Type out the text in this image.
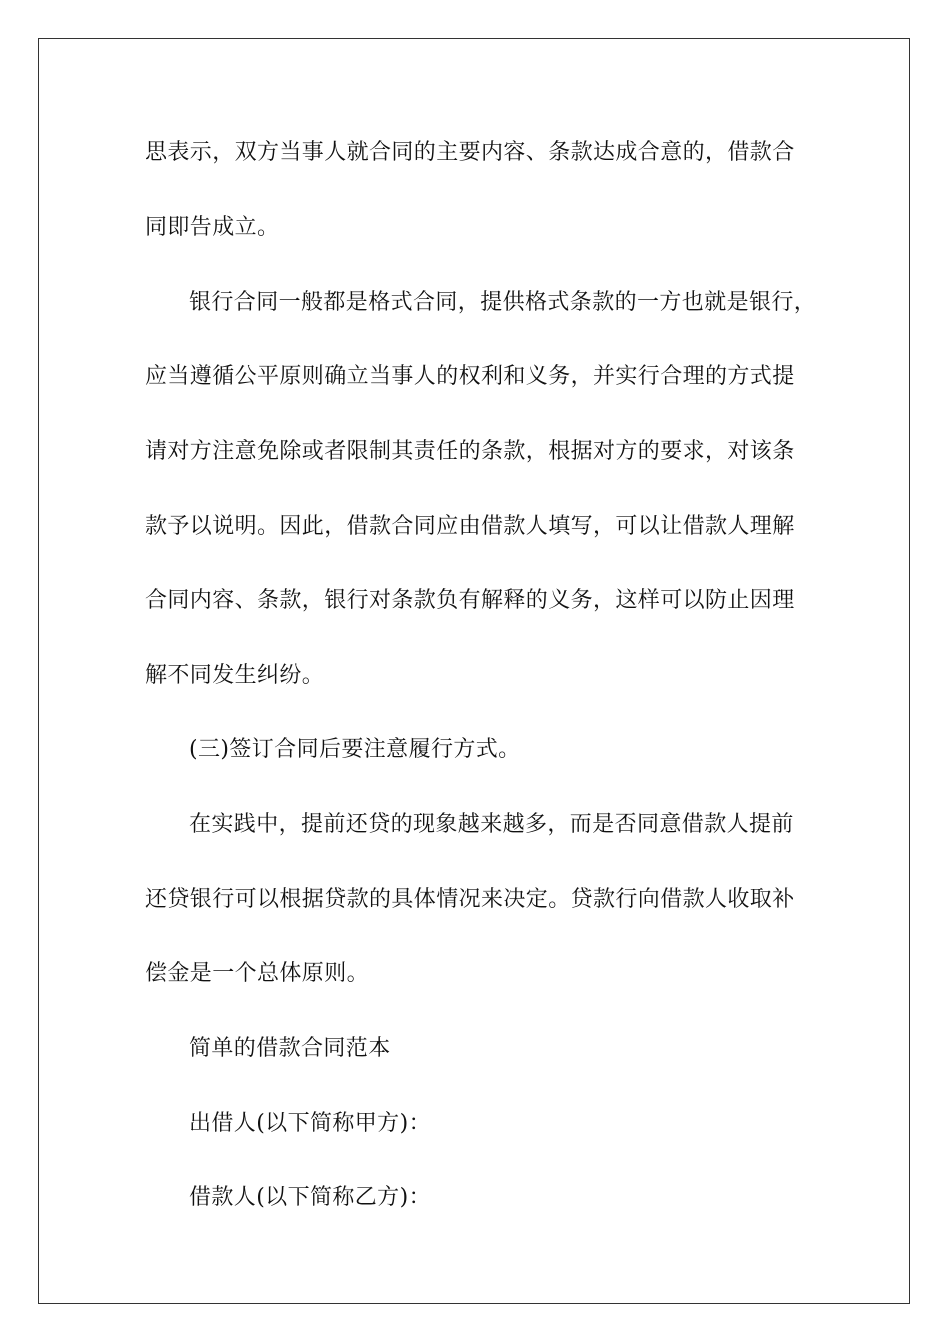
思表示，双方当事人就合同的主要内容、条款达成合意的，借款合
同即告成立。
银行合同一般都是格式合同，提供格式条款的一方也就是银行，
应当遵循公平原则确立当事人的权利和义务，并实行合理的方式提
请对方注意免除或者限制其责任的条款，根据对方的要求，对该条
款予以说明。因此，借款合同应由借款人填写，可以让借款人理解
合同内容、条款，银行对条款负有解释的义务，这样可以防止因理
解不同发生纠纷。
(三)签订合同后要注意履行方式。
在实践中，提前还贷的现象越来越多，而是否同意借款人提前
还贷银行可以根据贷款的具体情况来决定。贷款行向借款人收取补
偿金是一个总体原则。
简单的借款合同范本
出借人(以下简称甲方)：
借款人(以下简称乙方)：
